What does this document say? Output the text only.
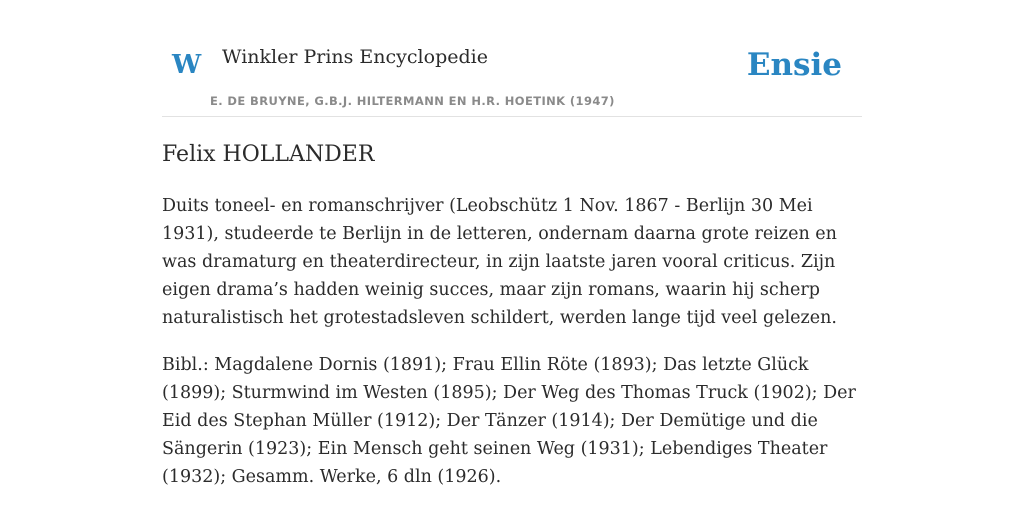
W Winkler Prins Encyclopedie
E. DE BRUYNE, G.B.J. HILTERMANN EN H.R. HOETINK (1947)
Ensie
Felix HOLLANDER

Duits toneel- en romanschrijver (Leobschütz 1 Nov. 1867 - Berlijn 30 Mei 1931), studeerde te Berlijn in de letteren, ondernam daarna grote reizen en was dramaturg en theaterdirecteur, in zijn laatste jaren vooral criticus. Zijn eigen drama’s hadden weinig succes, maar zijn romans, waarin hij scherp naturalistisch het grotestadsleven schildert, werden lange tijd veel gelezen.

Bibl.: Magdalene Dornis (1891); Frau Ellin Röte (1893); Das letzte Glück (1899); Sturmwind im Westen (1895); Der Weg des Thomas Truck (1902); Der Eid des Stephan Müller (1912); Der Tänzer (1914); Der Demütige und die Sängerin (1923); Ein Mensch geht seinen Weg (1931); Lebendiges Theater (1932); Gesamm. Werke, 6 dln (1926).
